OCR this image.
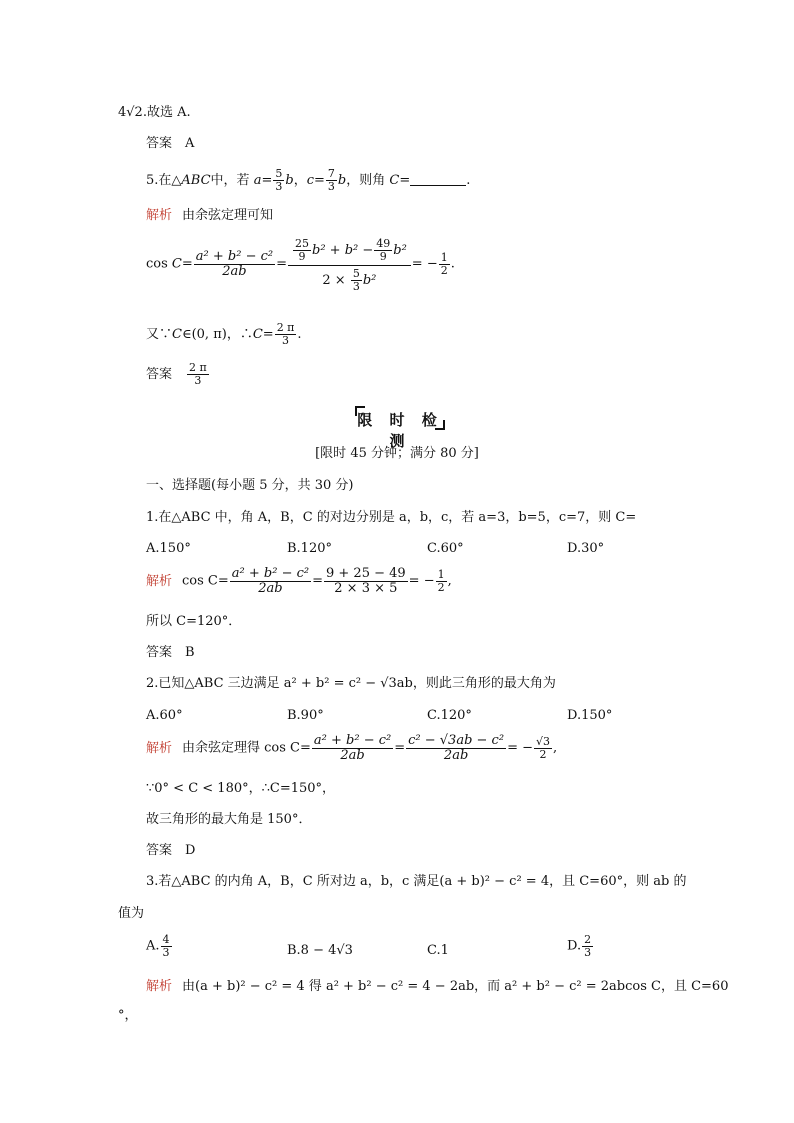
4√2.故选 A.
答案　A
5.在△ABC中，若 $a= \frac{5}{3}$ b，$c= \frac{7}{3}$ b，则角 C=	.
解析 由余弦定理可知
$\cos C= \frac{\text{a² + b² − c²}}{2ab} = \frac{\frac{25}{9} b^2 + b^2 - \frac{49}{9} b^2}{2 \times \frac{5}{3} b^2}$ = − $\frac{1}{2}$ .
又∵C∈(0, π)，∴C= $\frac{2 \pi}{3}$ .
答案 $\frac{2 \pi}{3}$
限 时 检 测
[限时 45 分钟；满分 80 分]
一、选择题(每小题 5 分，共 30 分)
1.在△ABC 中，角 A，B，C 的对边分别是 a，b，c，若 a=3，b=5，c=7，则 C=
A.150°	B.120°	C.60°	D.30°
解析 $\cos C= \frac{\text{a² + b² − c²}}{2ab} = \frac{9 + 25 - 49}{2 \times 3 \times 5}$ = − $\frac{1}{2}$ ,
所以 C=120°．
答案　B
2.已知△ABC 三边满足 a² + b² = c² − √3ab，则此三角形的最大角为
A.60°	B.90°	C.120°	D.150°
解析 由余弦定理得 $\cos C= \frac{\text{a² + b² − c²}}{2ab} = \frac{\text{c² − √3ab − c²}}{2ab}$ = − $\frac{√3}{2}$ ,
∵0° < C < 180°，∴C=150°，
故三角形的最大角是 150°．
答案　D
3.若△ABC 的内角 A，B，C 所对边 a，b，c 满足(a + b)² − c² = 4，且 C=60°，则 ab 的
值为
A. $\frac{4}{3}$	B.8 − 4√3	C.1	D. $\frac{2}{3}$
解析 由(a + b)² − c² = 4 得 a² + b² − c² = 4 − 2ab，而 a² + b² − c² = 2abcos C，且 C=60
°，
